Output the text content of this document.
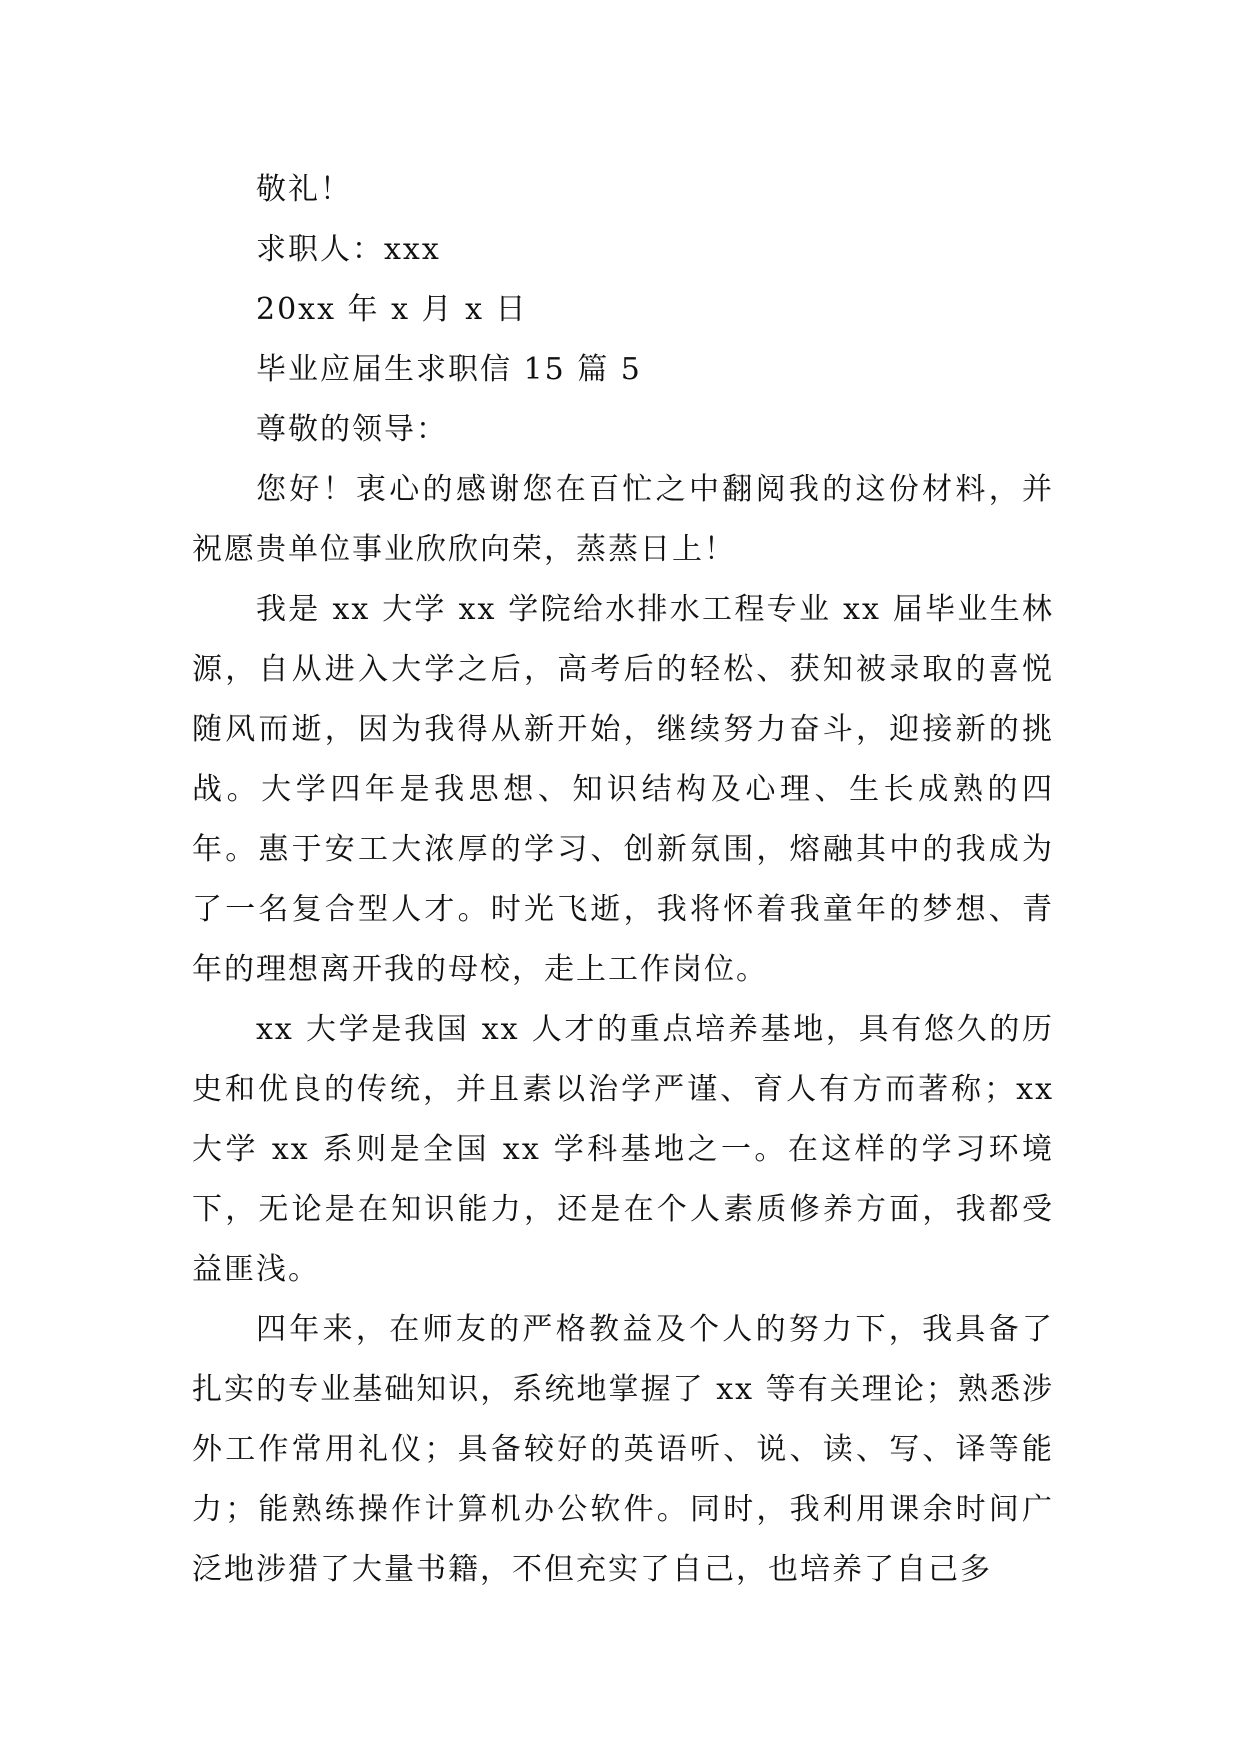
敬礼！

求职人：xxx

20xx 年 x 月 x 日

毕业应届生求职信 15 篇 5

尊敬的领导：

您好！衷心的感谢您在百忙之中翻阅我的这份材料，并祝愿贵单位事业欣欣向荣，蒸蒸日上！

我是 xx 大学 xx 学院给水排水工程专业 xx 届毕业生林源，自从进入大学之后，高考后的轻松、获知被录取的喜悦随风而逝，因为我得从新开始，继续努力奋斗，迎接新的挑战。大学四年是我思想、知识结构及心理、生长成熟的四年。惠于安工大浓厚的学习、创新氛围，熔融其中的我成为了一名复合型人才。时光飞逝，我将怀着我童年的梦想、青年的理想离开我的母校，走上工作岗位。

xx 大学是我国 xx 人才的重点培养基地，具有悠久的历史和优良的传统，并且素以治学严谨、育人有方而著称；xx 大学 xx 系则是全国 xx 学科基地之一。在这样的学习环境下，无论是在知识能力，还是在个人素质修养方面，我都受益匪浅。

四年来，在师友的严格教益及个人的努力下，我具备了扎实的专业基础知识，系统地掌握了 xx 等有关理论；熟悉涉外工作常用礼仪；具备较好的英语听、说、读、写、译等能力；能熟练操作计算机办公软件。同时，我利用课余时间广泛地涉猎了大量书籍，不但充实了自己，也培养了自己多
